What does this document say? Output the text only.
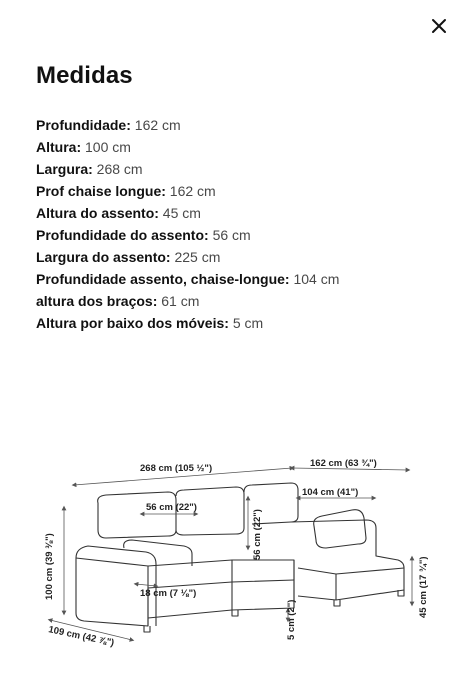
Medidas
Profundidade: 162 cm
Altura: 100 cm
Largura: 268 cm
Prof chaise longue: 162 cm
Altura do assento: 45 cm
Profundidade do assento: 56 cm
Largura do assento: 225 cm
Profundidade assento, chaise-longue: 104 cm
altura dos braços: 61 cm
Altura por baixo dos móveis: 5 cm
268 cm (105 ½")	162 cm (63 ¾")
104 cm (41")
56 cm (22")
56 cm (22")
100 cm (39 ⅜")	18 cm (7 ⅛")
109 cm (42 ⅞")	5 cm (2")
45 cm (17 ¾")
